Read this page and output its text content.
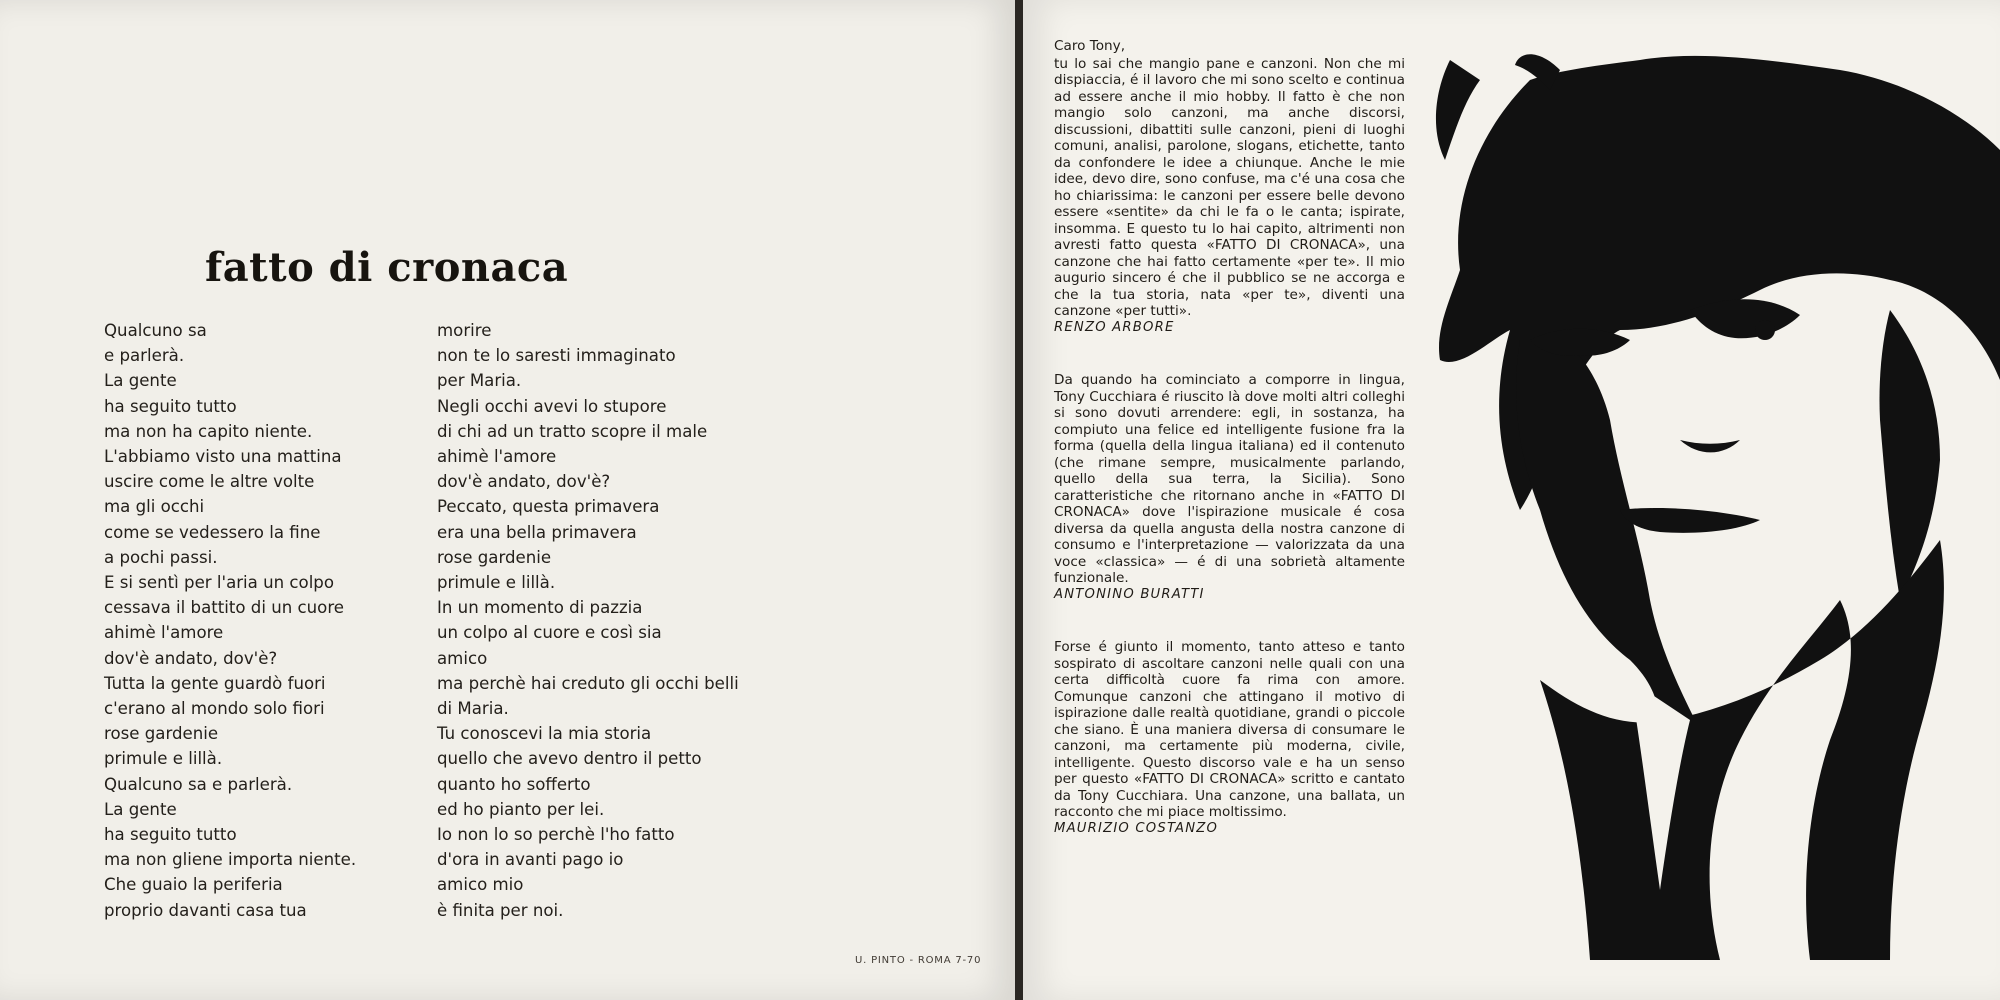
fatto di cronaca
Qualcuno sa
e parlerà.
La gente
ha seguito tutto
ma non ha capito niente.
L'abbiamo visto una mattina
uscire come le altre volte
ma gli occhi
come se vedessero la fine
a pochi passi.
E si sentì per l'aria un colpo
cessava il battito di un cuore
ahimè l'amore
dov'è andato, dov'è?
Tutta la gente guardò fuori
c'erano al mondo solo fiori
rose gardenie
primule e lillà.
Qualcuno sa e parlerà.
La gente
ha seguito tutto
ma non gliene importa niente.
Che guaio la periferia
proprio davanti casa tua
morire
non te lo saresti immaginato
per Maria.
Negli occhi avevi lo stupore
di chi ad un tratto scopre il male
ahimè l'amore
dov'è andato, dov'è?
Peccato, questa primavera
era una bella primavera
rose gardenie
primule e lillà.
In un momento di pazzia
un colpo al cuore e così sia
amico
ma perchè hai creduto gli occhi belli
di Maria.
Tu conoscevi la mia storia
quello che avevo dentro il petto
quanto ho sofferto
ed ho pianto per lei.
Io non lo so perchè l'ho fatto
d'ora in avanti pago io
amico mio
è finita per noi.
U. PINTO - ROMA 7-70

Caro Tony,

tu lo sai che mangio pane e canzoni. Non che mi dispiaccia, é il lavoro che mi sono scelto e continua ad essere anche il mio hobby. Il fatto è che non mangio solo canzoni, ma anche discorsi, discussioni, dibattiti sulle canzoni, pieni di luoghi comuni, analisi, parolone, slogans, etichette, tanto da confondere le idee a chiunque. Anche le mie idee, devo dire, sono confuse, ma c'é una cosa che ho chiarissima: le canzoni per essere belle devono essere «sentite» da chi le fa o le canta; ispirate, insomma. E questo tu lo hai capito, altrimenti non avresti fatto questa «FATTO DI CRONACA», una canzone che hai fatto certamente «per te». Il mio augurio sincero é che il pubblico se ne accorga e che la tua storia, nata «per te», diventi una canzone «per tutti».

RENZO ARBORE

Da quando ha cominciato a comporre in lingua, Tony Cucchiara é riuscito là dove molti altri colleghi si sono dovuti arrendere: egli, in sostanza, ha compiuto una felice ed intelligente fusione fra la forma (quella della lingua italiana) ed il contenuto (che rimane sempre, musicalmente parlando, quello della sua terra, la Sicilia). Sono caratteristiche che ritornano anche in «FATTO DI CRONACA» dove l'ispirazione musicale é cosa diversa da quella angusta della nostra canzone di consumo e l'interpretazione — valorizzata da una voce «classica» — é di una sobrietà altamente funzionale.

ANTONINO BURATTI

Forse é giunto il momento, tanto atteso e tanto sospirato di ascoltare canzoni nelle quali con una certa difficoltà cuore fa rima con amore. Comunque canzoni che attingano il motivo di ispirazione dalle realtà quotidiane, grandi o piccole che siano. È una maniera diversa di consumare le canzoni, ma certamente più moderna, civile, intelligente. Questo discorso vale e ha un senso per questo «FATTO DI CRONACA» scritto e cantato da Tony Cucchiara. Una canzone, una ballata, un racconto che mi piace moltissimo.

MAURIZIO COSTANZO
